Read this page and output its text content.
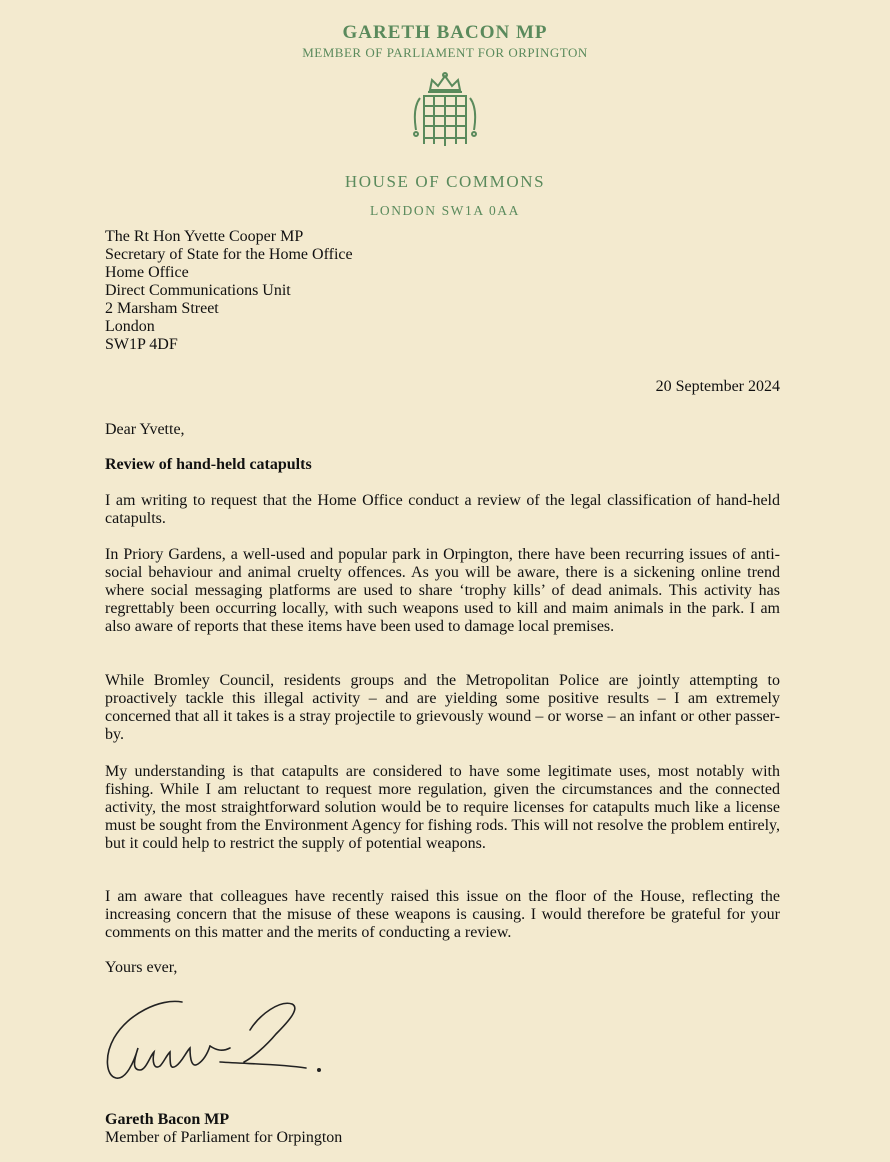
GARETH BACON MP
MEMBER OF PARLIAMENT FOR ORPINGTON
HOUSE OF COMMONS
LONDON SW1A 0AA
The Rt Hon Yvette Cooper MP
Secretary of State for the Home Office
Home Office
Direct Communications Unit
2 Marsham Street
London
SW1P 4DF
20 September 2024
Dear Yvette,
Review of hand-held catapults
I am writing to request that the Home Office conduct a review of the legal classification of hand-held catapults.
In Priory Gardens, a well-used and popular park in Orpington, there have been recurring issues of anti-social behaviour and animal cruelty offences. As you will be aware, there is a sickening online trend where social messaging platforms are used to share ‘trophy kills’ of dead animals. This activity has regrettably been occurring locally, with such weapons used to kill and maim animals in the park. I am also aware of reports that these items have been used to damage local premises.
While Bromley Council, residents groups and the Metropolitan Police are jointly attempting to proactively tackle this illegal activity – and are yielding some positive results – I am extremely concerned that all it takes is a stray projectile to grievously wound – or worse – an infant or other passer-by.
My understanding is that catapults are considered to have some legitimate uses, most notably with fishing. While I am reluctant to request more regulation, given the circumstances and the connected activity, the most straightforward solution would be to require licenses for catapults much like a license must be sought from the Environment Agency for fishing rods. This will not resolve the problem entirely, but it could help to restrict the supply of potential weapons.
I am aware that colleagues have recently raised this issue on the floor of the House, reflecting the increasing concern that the misuse of these weapons is causing. I would therefore be grateful for your comments on this matter and the merits of conducting a review.
Yours ever,
Gareth Bacon MP
Member of Parliament for Orpington
